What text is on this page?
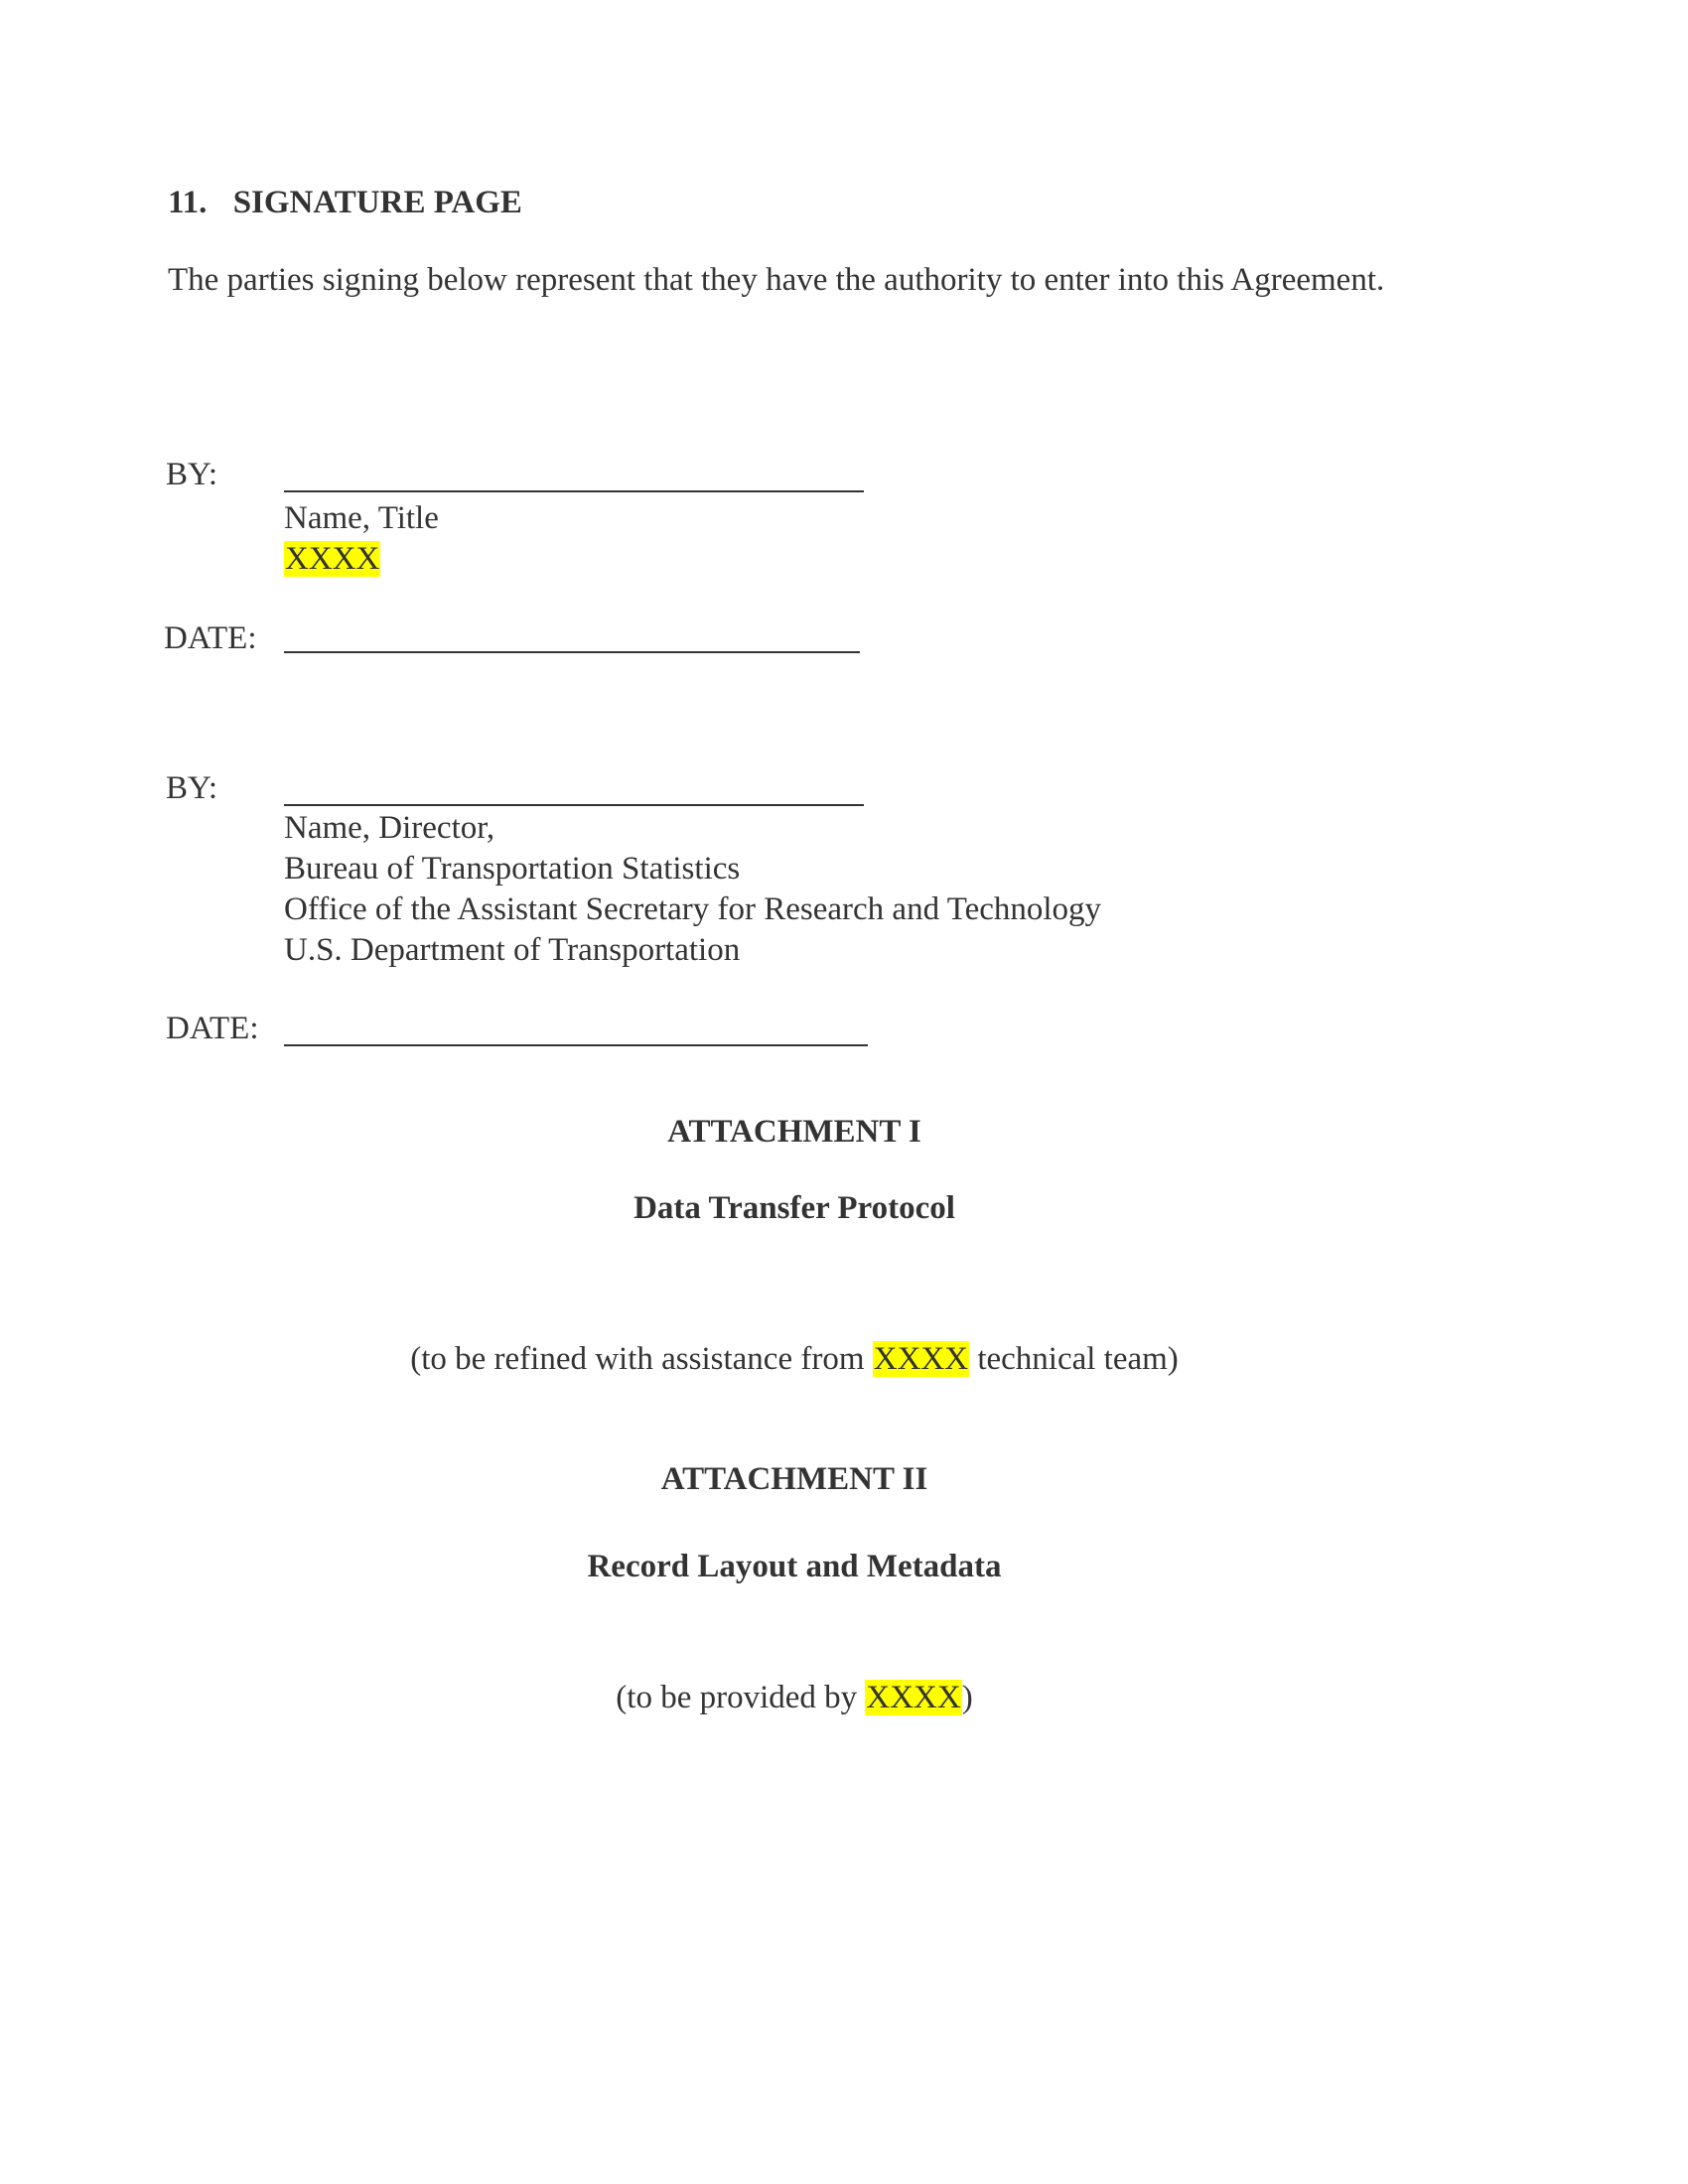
11. SIGNATURE PAGE
The parties signing below represent that they have the authority to enter into this Agreement.
BY:
Name, Title
XXXX
DATE:
BY:
Name, Director,
Bureau of Transportation Statistics
Office of the Assistant Secretary for Research and Technology
U.S. Department of Transportation
DATE:
ATTACHMENT I
Data Transfer Protocol
(to be refined with assistance from XXXX technical team)
ATTACHMENT II
Record Layout and Metadata
(to be provided by XXXX)
